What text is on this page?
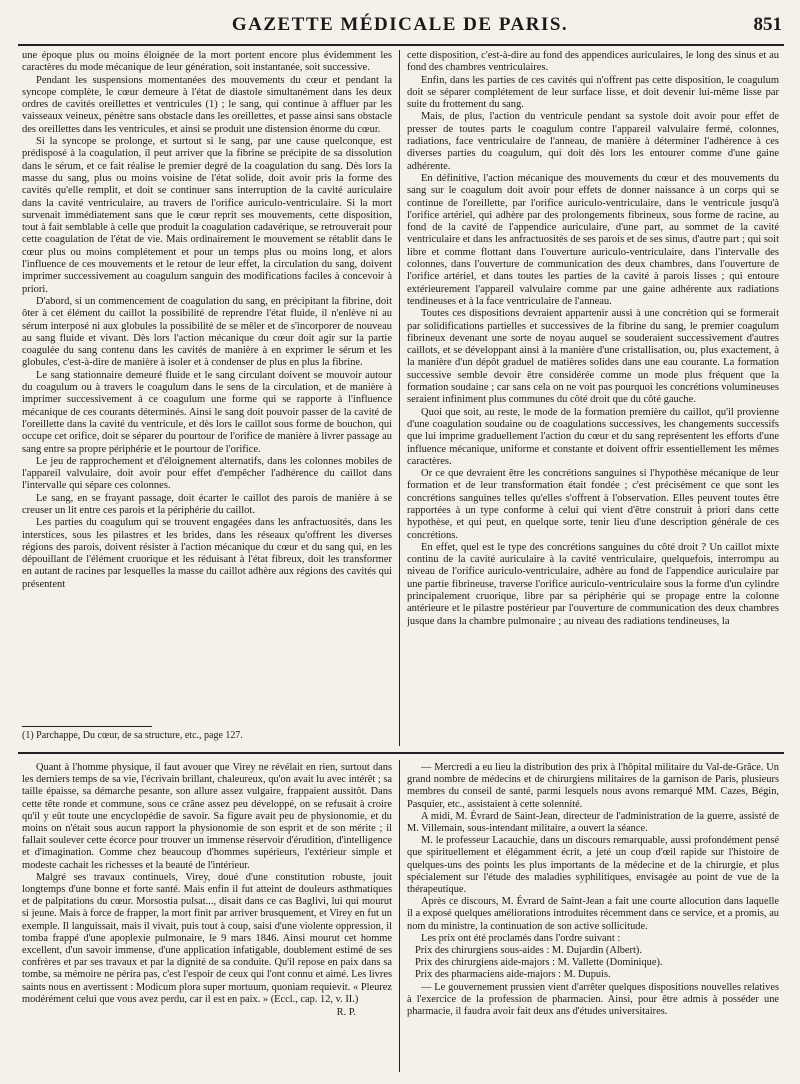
GAZETTE MÉDICALE DE PARIS.	851

une époque plus ou moins éloignée de la mort portent encore plus évidemment les caractères du mode mécanique de leur génération, soit instantanée, soit successive.

Pendant les suspensions momentanées des mouvements du cœur et pendant la syncope complète, le cœur demeure à l'état de diastole simultanément dans les deux ordres de cavités oreillettes et ventricules (1) ; le sang, qui continue à affluer par les vaisseaux veineux, pénètre sans obstacle dans les oreillettes, et passe ainsi sans obstacle des oreillettes dans les ventricules, et ainsi se produit une distension énorme du cœur.

Si la syncope se prolonge, et surtout si le sang, par une cause quelconque, est prédisposé à la coagulation, il peut arriver que la fibrine se précipite de sa dissolution dans le sérum, et ce fait réalise le premier degré de la coagulation du sang. Dès lors la masse du sang, plus ou moins voisine de l'état solide, doit avoir pris la forme des cavités qu'elle remplit, et doit se continuer sans interruption de la cavité auriculaire dans la cavité ventriculaire, au travers de l'orifice auriculo-ventriculaire. Si la mort survenait immédiatement sans que le cœur reprit ses mouvements, cette disposition, tout à fait semblable à celle que produit la coagulation cadavérique, se retrouverait pour cette coagulation de l'état de vie. Mais ordinairement le mouvement se rétablit dans le cœur plus ou moins complétement et pour un temps plus ou moins long, et alors l'influence de ces mouvements et le retour de leur effet, la circulation du sang, doivent imprimer successivement au coagulum sanguin des modifications faciles à concevoir à priori.

D'abord, si un commencement de coagulation du sang, en précipitant la fibrine, doit ôter à cet élément du caillot la possibilité de reprendre l'état fluide, il n'enlève ni au sérum interposé ni aux globules la possibilité de se mêler et de s'incorporer de nouveau au sang fluide et vivant. Dès lors l'action mécanique du cœur doit agir sur la partie coagulée du sang contenu dans les cavités de manière à en exprimer le sérum et les globules, c'est-à-dire de manière à isoler et à condenser de plus en plus la fibrine.

Le sang stationnaire demeuré fluide et le sang circulant doivent se mouvoir autour du coagulum ou à travers le coagulum dans le sens de la circulation, et de manière à imprimer successivement à ce coagulum une forme qui se rapporte à l'influence mécanique de ces courants déterminés. Ainsi le sang doit pouvoir passer de la cavité de l'oreillette dans la cavité du ventricule, et dès lors le caillot sous forme de bouchon, qui occupe cet orifice, doit se séparer du pourtour de l'orifice de manière à livrer passage au sang entre sa propre périphérie et le pourtour de l'orifice.

Le jeu de rapprochement et d'éloignement alternatifs, dans les colonnes mobiles de l'appareil valvulaire, doit avoir pour effet d'empêcher l'adhérence du caillot dans l'intervalle qui sépare ces colonnes.

Le sang, en se frayant passage, doit écarter le caillot des parois de manière à se creuser un lit entre ces parois et la périphérie du caillot.

Les parties du coagulum qui se trouvent engagées dans les anfractuosités, dans les interstices, sous les pilastres et les brides, dans les réseaux qu'offrent les diverses régions des parois, doivent résister à l'action mécanique du cœur et du sang qui, en les dépouillant de l'élément cruorique et les réduisant à l'état fibreux, doit les transformer en autant de racines par lesquelles la masse du caillot adhère aux régions des cavités qui présentent

(1) Parchappe, Du cœur, de sa structure, etc., page 127.

cette disposition, c'est-à-dire au fond des appendices auriculaires, le long des sinus et au fond des chambres ventriculaires.

Enfin, dans les parties de ces cavités qui n'offrent pas cette disposition, le coagulum doit se séparer complétement de leur surface lisse, et doit devenir lui-même lisse par suite du frottement du sang.

Mais, de plus, l'action du ventricule pendant sa systole doit avoir pour effet de presser de toutes parts le coagulum contre l'appareil valvulaire fermé, colonnes, radiations, face ventriculaire de l'anneau, de manière à déterminer l'adhérence à ces diverses parties du coagulum, qui doit dès lors les entourer comme d'une gaine adhérente.

En définitive, l'action mécanique des mouvements du cœur et des mouvements du sang sur le coagulum doit avoir pour effets de donner naissance à un corps qui se continue de l'oreillette, par l'orifice auriculo-ventriculaire, dans le ventricule jusqu'à l'orifice artériel, qui adhère par des prolongements fibrineux, sous forme de racine, au fond de la cavité de l'appendice auriculaire, d'une part, au sommet de la cavité ventriculaire et dans les anfractuosités de ses parois et de ses sinus, d'autre part ; qui soit libre et comme flottant dans l'ouverture auriculo-ventriculaire, dans l'intervalle des colonnes, dans l'ouverture de communication des deux chambres, dans l'ouverture de l'orifice artériel, et dans toutes les parties de la cavité à parois lisses ; qui entoure extérieurement l'appareil valvulaire comme par une gaine adhérente aux radiations tendineuses et à la face ventriculaire de l'anneau.

Toutes ces dispositions devraient appartenir aussi à une concrétion qui se formerait par solidifications partielles et successives de la fibrine du sang, le premier coagulum fibrineux devenant une sorte de noyau auquel se souderaient successivement d'autres caillots, et se développant ainsi à la manière d'une cristallisation, ou, plus exactement, à la manière d'un dépôt graduel de matières solides dans une eau courante. La formation successive semble devoir être considérée comme un mode plus fréquent que la formation soudaine ; car sans cela on ne voit pas pourquoi les concrétions volumineuses seraient infiniment plus communes du côté droit que du côté gauche.

Quoi que soit, au reste, le mode de la formation première du caillot, qu'il provienne d'une coagulation soudaine ou de coagulations successives, les changements successifs que lui imprime graduellement l'action du cœur et du sang représentent les efforts d'une influence mécanique, uniforme et constante et doivent offrir essentiellement les mêmes caractères.

Or ce que devraient être les concrétions sanguines si l'hypothèse mécanique de leur formation et de leur transformation était fondée ; c'est précisément ce que sont les concrétions sanguines telles qu'elles s'offrent à l'observation. Elles peuvent toutes être rapportées à un type conforme à celui qui vient d'être construit à priori dans cette hypothèse, et qui peut, en quelque sorte, tenir lieu d'une description générale de ces concrétions.

En effet, quel est le type des concrétions sanguines du côté droit ? Un caillot mixte continu de la cavité auriculaire à la cavité ventriculaire, quelquefois, interrompu au niveau de l'orifice auriculo-ventriculaire, adhère au fond de l'appendice auriculaire par une partie fibrineuse, traverse l'orifice auriculo-ventriculaire sous la forme d'un cylindre principalement cruorique, libre par sa périphérie qui se propage entre la colonne antérieure et le pilastre postérieur par l'ouverture de communication des deux chambres jusque dans la chambre pulmonaire ; au niveau des radiations tendineuses, la

Quant à l'homme physique, il faut avouer que Virey ne révélait en rien, surtout dans les derniers temps de sa vie, l'écrivain brillant, chaleureux, qu'on avait lu avec intérêt ; sa taille épaisse, sa démarche pesante, son allure assez vulgaire, frappaient aussitôt. Dans cette tête ronde et commune, sous ce crâne assez peu développé, on se refusait à croire qu'il y eût toute une encyclopédie de savoir. Sa figure avait peu de physionomie, et du moins on n'était sous aucun rapport la physionomie de son esprit et de son mérite ; il fallait soulever cette écorce pour trouver un immense réservoir d'érudition, d'intelligence et d'imagination. Comme chez beaucoup d'hommes supérieurs, l'extérieur simple et modeste cachait les richesses et la beauté de l'intérieur.

Malgré ses travaux continuels, Virey, doué d'une constitution robuste, jouit longtemps d'une bonne et forte santé. Mais enfin il fut atteint de douleurs asthmatiques et de palpitations du cœur. Morsostia pulsat..., disait dans ce cas Baglivi, lui qui mourut si jeune. Mais à force de frapper, la mort finit par arriver brusquement, et Virey en fut un exemple. Il languissait, mais il vivait, puis tout à coup, saisi d'une violente oppression, il tomba frappé d'une apoplexie pulmonaire, le 9 mars 1846. Ainsi mourut cet homme excellent, d'un savoir immense, d'une application infatigable, doublement estimé de ses confrères et par ses travaux et par la dignité de sa conduite. Qu'il repose en paix dans sa tombe, sa mémoire ne périra pas, c'est l'espoir de ceux qui l'ont connu et aimé. Les livres saints nous en avertissent : Modicum plora super mortuum, quoniam requievit. « Pleurez modérément celui que vous avez perdu, car il est en paix. » (Eccl., cap. 12, v. II.)

R. P.

— Mercredi a eu lieu la distribution des prix à l'hôpital militaire du Val-de-Grâce. Un grand nombre de médecins et de chirurgiens militaires de la garnison de Paris, plusieurs membres du conseil de santé, parmi lesquels nous avons remarqué MM. Cazes, Bégin, Pasquier, etc., assistaient à cette solennité.

A midi, M. Évrard de Saint-Jean, directeur de l'administration de la guerre, assisté de M. Villemain, sous-intendant militaire, a ouvert la séance.

M. le professeur Lacauchie, dans un discours remarquable, aussi profondément pensé que spirituellement et élégamment écrit, a jeté un coup d'œil rapide sur l'histoire de quelques-uns des points les plus importants de la médecine et de la chirurgie, et plus spécialement sur l'étude des maladies syphilitiques, envisagée au point de vue de la thérapeutique.

Après ce discours, M. Évrard de Saint-Jean a fait une courte allocution dans laquelle il a exposé quelques améliorations introduites récemment dans ce service, et a promis, au nom du ministre, la continuation de son active sollicitude.

Les prix ont été proclamés dans l'ordre suivant :

Prix des chirurgiens sous-aides : M. Dujardin (Albert).

Prix des chirurgiens aide-majors : M. Vallette (Dominique).

Prix des pharmaciens aide-majors : M. Dupuis.

— Le gouvernement prussien vient d'arrêter quelques dispositions nouvelles relatives à l'exercice de la profession de pharmacien. Ainsi, pour être admis à posséder une pharmacie, il faudra avoir fait deux ans d'études universitaires.
